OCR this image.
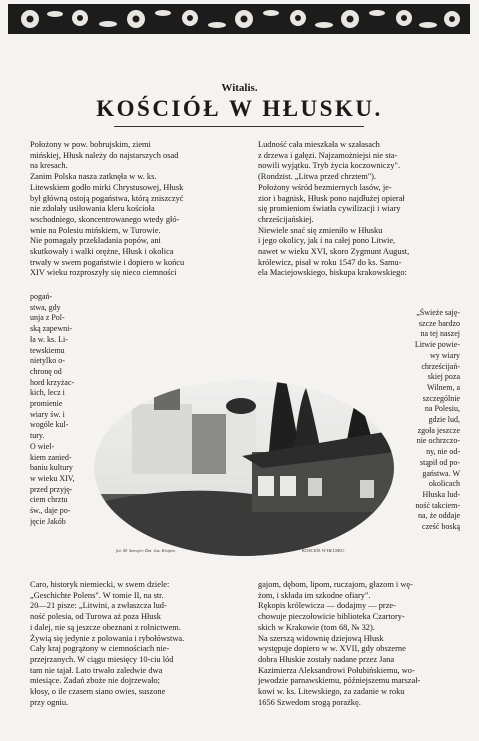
Witalis.
KOŚCIÓŁ W HŁUSKU.
Położony w pow. bobrujskim, ziemi
mińskiej, Hłusk należy do najstarszych osad
na kresach.
Zanim Polska nasza zatknęła w w. ks.
Litewskiem godło mirki Chrystusowej, Hłusk
był główną ostoją pogaństwa, którą zniszczyć
nie zdołały usiłowania kleru kościoła
wschodniego, skoncentrowanego wtedy głó-
wnie na Polesiu mińskiem, w Turowie.
Nie pomagały przekładania popów, ani
skutkowały i walki orężne, Hłusk i okolica
trwały w swem pogaństwie i dopiero w końcu
XIV wieku rozproszyły się nieco ciemności
Ludność cała mieszkała w szałasach
z drzewa i gałęzi. Najzamożniejsi nie sta-
nowili wyjątku. Tryb życia koczowniczy".
(Rondzist. „Litwa przed chrztem").
Położony wśród bezmiernych lasów, je-
zior i bagnisk, Hłusk pono najdłużej opierał
się promieniom światła cywilizacji i wiary
chrześcijańskiej.
Niewiele snać się zmieniło w Hłusku
i jego okolicy, jak i na całej pono Litwie,
nawet w wieku XVI, skoro Zygmunt August,
królewicz, pisał w roku 1547 do ks. Samu-
ela Maciejowskiego, biskupa krakowskiego:
pogań-
stwa, gdy
unja z Pol-
ską zapewni-
ła w. ks. Li-
tewskiemu
nietylko o-
chronę od
hord krzyżac-
kich, lecz i
promienie
wiary św. i
wogóle kul-
tury.
O wiel-
kiem zanied-
baniu kultury
w wieku XIV,
przed przyję-
ciem chrztu
św., daje po-
jęcie Jakób
„Świeże saję-
szcze bardzo
na tej naszej
Litwie powie-
wy wiary
chrześcijań-
skiej poza
Wilnem, a
szczególnie
na Polesiu,
gdzie lud,
zgoła jeszcze
nie ochrzczo-
ny, nie od-
stąpił od po-
gaństwa. W
okolicach
Hłuska lud-
ność takciem-
na, że oddaje
cześć boską
Caro, historyk niemiecki, w swem dziele:
„Geschichte Polens". W tomie II, na str.
20—21 pisze: „Litwini, a zwłaszcza lud-
ność polesia, od Turowa aż poza Hłusk
i dalej, nie są jeszcze obeznani z rolnictwem.
Żywią się jedynie z polowania i rybołówstwa.
Cały kraj pogrążony w ciemnościach nie-
przejrzanych. W ciągu miesięcy 10-ciu lód
tam nie tajał. Lato trwało zaledwie dwa
miesiące. Zadań zboże nie dojrzewało;
kłosy, o ile czasem siano owies, suszone
przy ogniu.
gajom, dębom, lipom, ruczajom, głazom i wę-
żom, i składa im szkodne ofiary".
Rękopis królewicza — dodajmy — prze-
chowuje pieczołowicie biblioteka Czartory-
skich w Krakowie (tom 68, № 32).
Na szerszą widownię dziejową Hłusk
występuje dopiero w w. XVII, gdy obszerne
dobra Hłuskie zostały nadane przez Jana
Kazimierza Aleksandrowi Połubińskiemu, wo-
jewodzie parnawskiemu, późniejszemu marszał-
kowi w. ks. Litewskiego, za zadanie w roku
1656 Szwedom srogą porażkę.
fot. M. Szwojer. Dzi. Jas. Krajew.	KOŚCIÓŁ W HŁUSKU.
